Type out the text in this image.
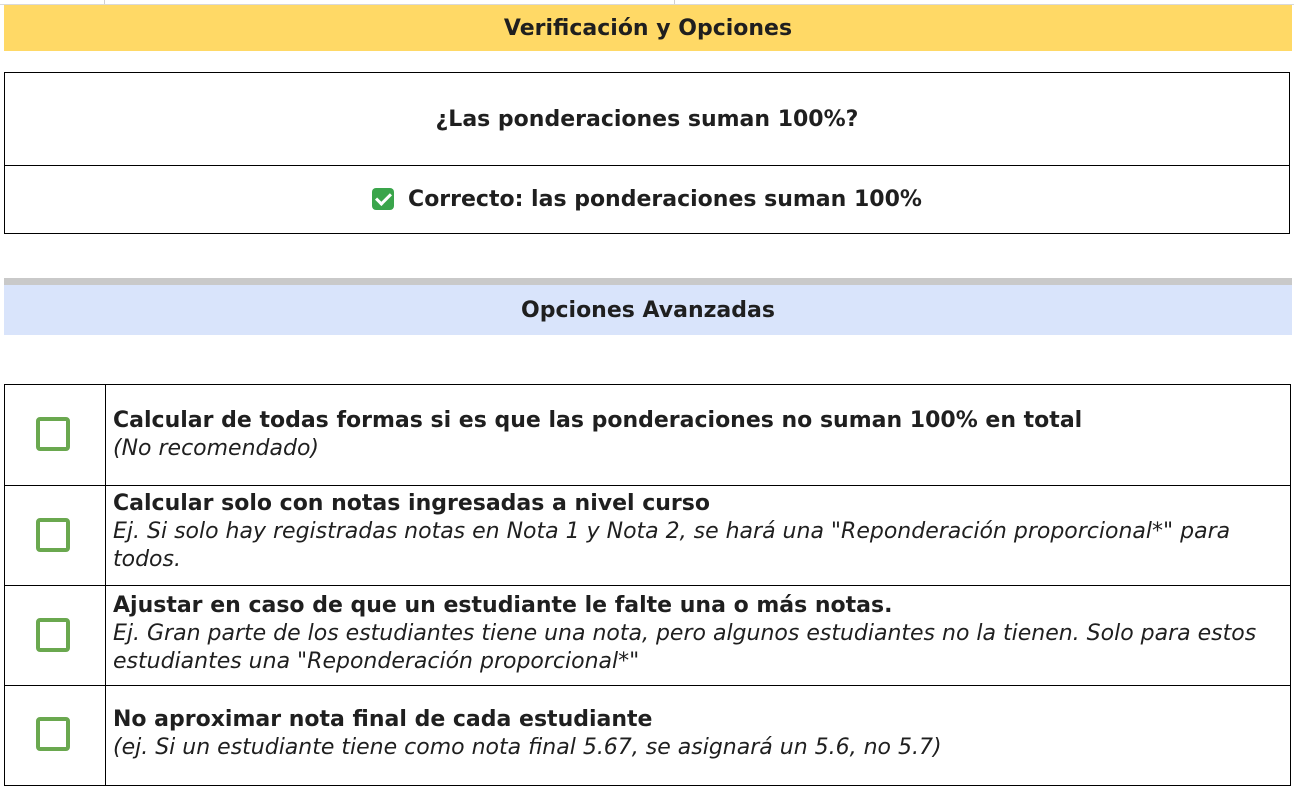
Verificación y Opciones
¿Las ponderaciones suman 100%?
Correcto: las ponderaciones suman 100%
Opciones Avanzadas
Calcular de todas formas si es que las ponderaciones no suman 100% en total
(No recomendado)
Calcular solo con notas ingresadas a nivel curso
Ej. Si solo hay registradas notas en Nota 1 y Nota 2, se hará una "Reponderación proporcional*" para todos.
Ajustar en caso de que un estudiante le falte una o más notas.
Ej. Gran parte de los estudiantes tiene una nota, pero algunos estudiantes no la tienen. Solo para estos estudiantes una "Reponderación proporcional*"
No aproximar nota final de cada estudiante
(ej. Si un estudiante tiene como nota final 5.67, se asignará un 5.6, no 5.7)
